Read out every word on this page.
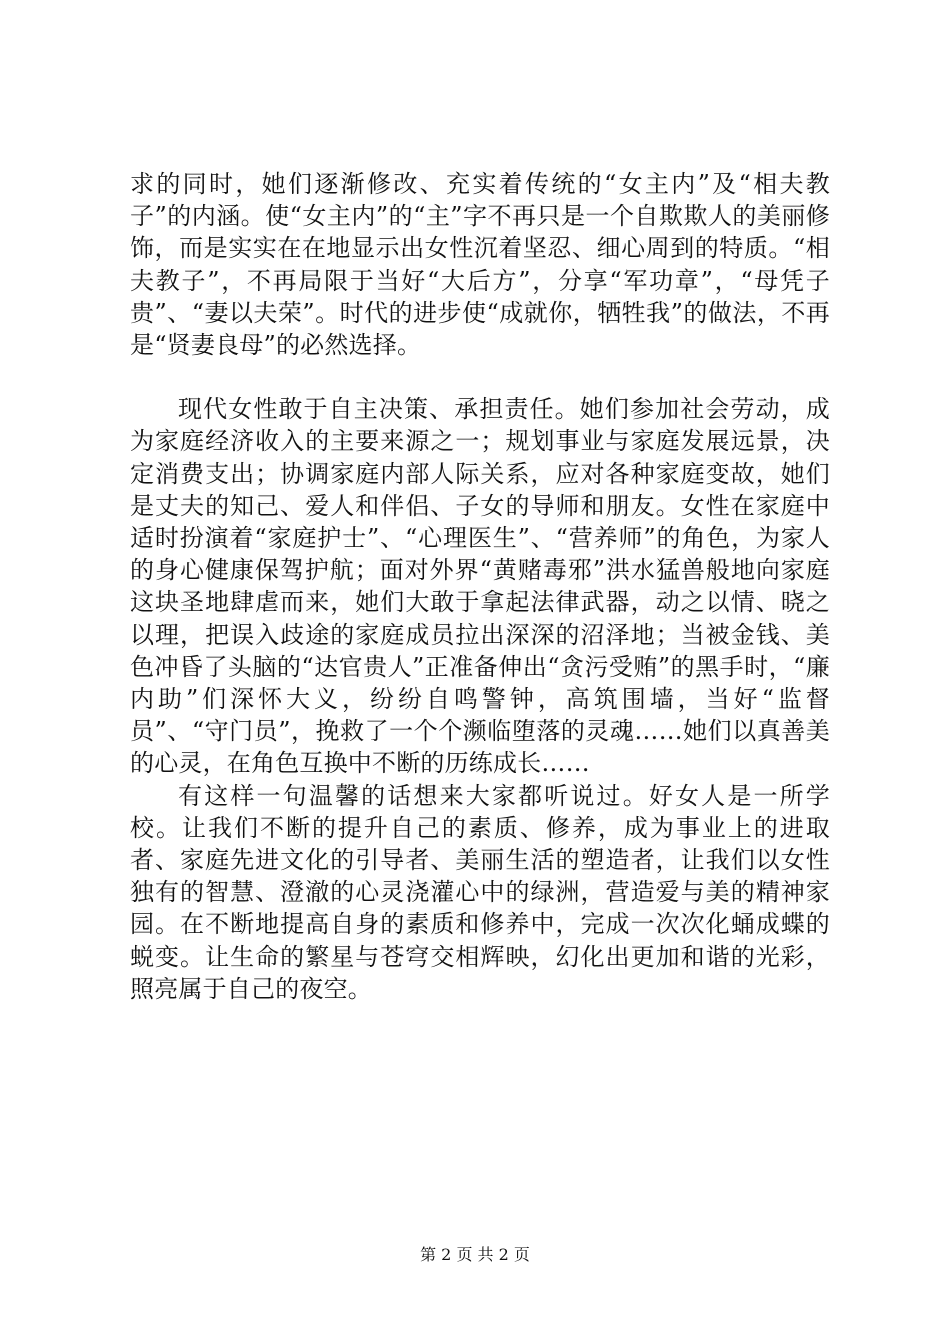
求的同时，她们逐渐修改、充实着传统的“女主内”及“相夫教子”的内涵。使“女主内”的“主”字不再只是一个自欺欺人的美丽修饰，而是实实在在地显示出女性沉着坚忍、细心周到的特质。“相夫教子”，不再局限于当好“大后方”，分享“军功章”，“母凭子贵”、“妻以夫荣”。时代的进步使“成就你，牺牲我”的做法，不再是“贤妻良母”的必然选择。

现代女性敢于自主决策、承担责任。她们参加社会劳动，成为家庭经济收入的主要来源之一；规划事业与家庭发展远景，决定消费支出；协调家庭内部人际关系，应对各种家庭变故，她们是丈夫的知己、爱人和伴侣、子女的导师和朋友。女性在家庭中适时扮演着“家庭护士”、“心理医生”、“营养师”的角色，为家人的身心健康保驾护航；面对外界“黄赌毒邪”洪水猛兽般地向家庭这块圣地肆虐而来，她们大敢于拿起法律武器，动之以情、晓之以理，把误入歧途的家庭成员拉出深深的沼泽地；当被金钱、美色冲昏了头脑的“达官贵人”正准备伸出“贪污受贿”的黑手时，“廉内助”们深怀大义，纷纷自鸣警钟，高筑围墙，当好“监督员”、“守门员”，挽救了一个个濒临堕落的灵魂……她们以真善美的心灵，在角色互换中不断的历练成长……

有这样一句温馨的话想来大家都听说过。好女人是一所学校。让我们不断的提升自己的素质、修养，成为事业上的进取者、家庭先进文化的引导者、美丽生活的塑造者，让我们以女性独有的智慧、澄澈的心灵浇灌心中的绿洲，营造爱与美的精神家园。在不断地提高自身的素质和修养中，完成一次次化蛹成蝶的蜕变。让生命的繁星与苍穹交相辉映，幻化出更加和谐的光彩，照亮属于自己的夜空。

第 2 页 共 2 页
